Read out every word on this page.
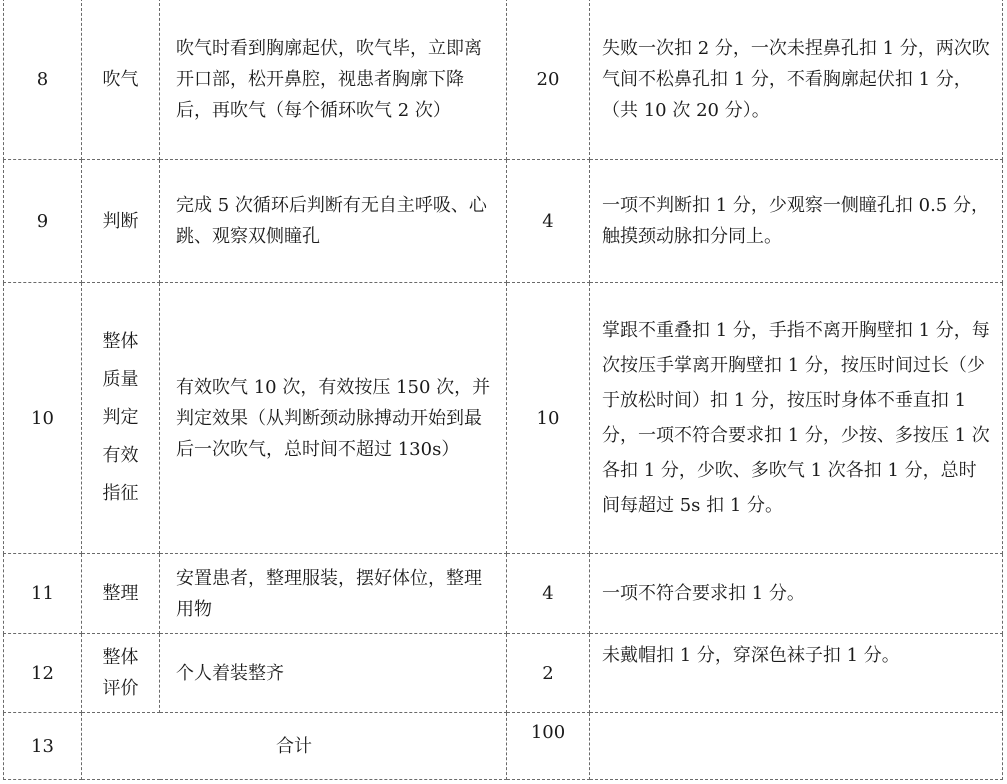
8	吹气	吹气时看到胸廓起伏，吹气毕，立即离开口部，松开鼻腔，视患者胸廓下降后，再吹气（每个循环吹气 2 次）	20	失败一次扣 2 分，一次未捏鼻孔扣 1 分，两次吹气间不松鼻孔扣 1 分，不看胸廓起伏扣 1 分，（共 10 次 20 分）。
9	判断	完成 5 次循环后判断有无自主呼吸、心跳、观察双侧瞳孔	4	一项不判断扣 1 分，少观察一侧瞳孔扣 0.5 分，触摸颈动脉扣分同上。
10	整体质量判定有效指征	有效吹气 10 次，有效按压 150 次，并判定效果（从判断颈动脉搏动开始到最后一次吹气，总时间不超过 130s）	10	掌跟不重叠扣 1 分，手指不离开胸壁扣 1 分，每次按压手掌离开胸壁扣 1 分，按压时间过长（少于放松时间）扣 1 分，按压时身体不垂直扣 1 分，一项不符合要求扣 1 分，少按、多按压 1 次各扣 1 分，少吹、多吹气 1 次各扣 1 分，总时间每超过 5s 扣 1 分。
11	整理	安置患者，整理服装，摆好体位，整理用物	4	一项不符合要求扣 1 分。
12	整体评价	个人着装整齐	2	未戴帽扣 1 分，穿深色袜子扣 1 分。
13	合计		100	
